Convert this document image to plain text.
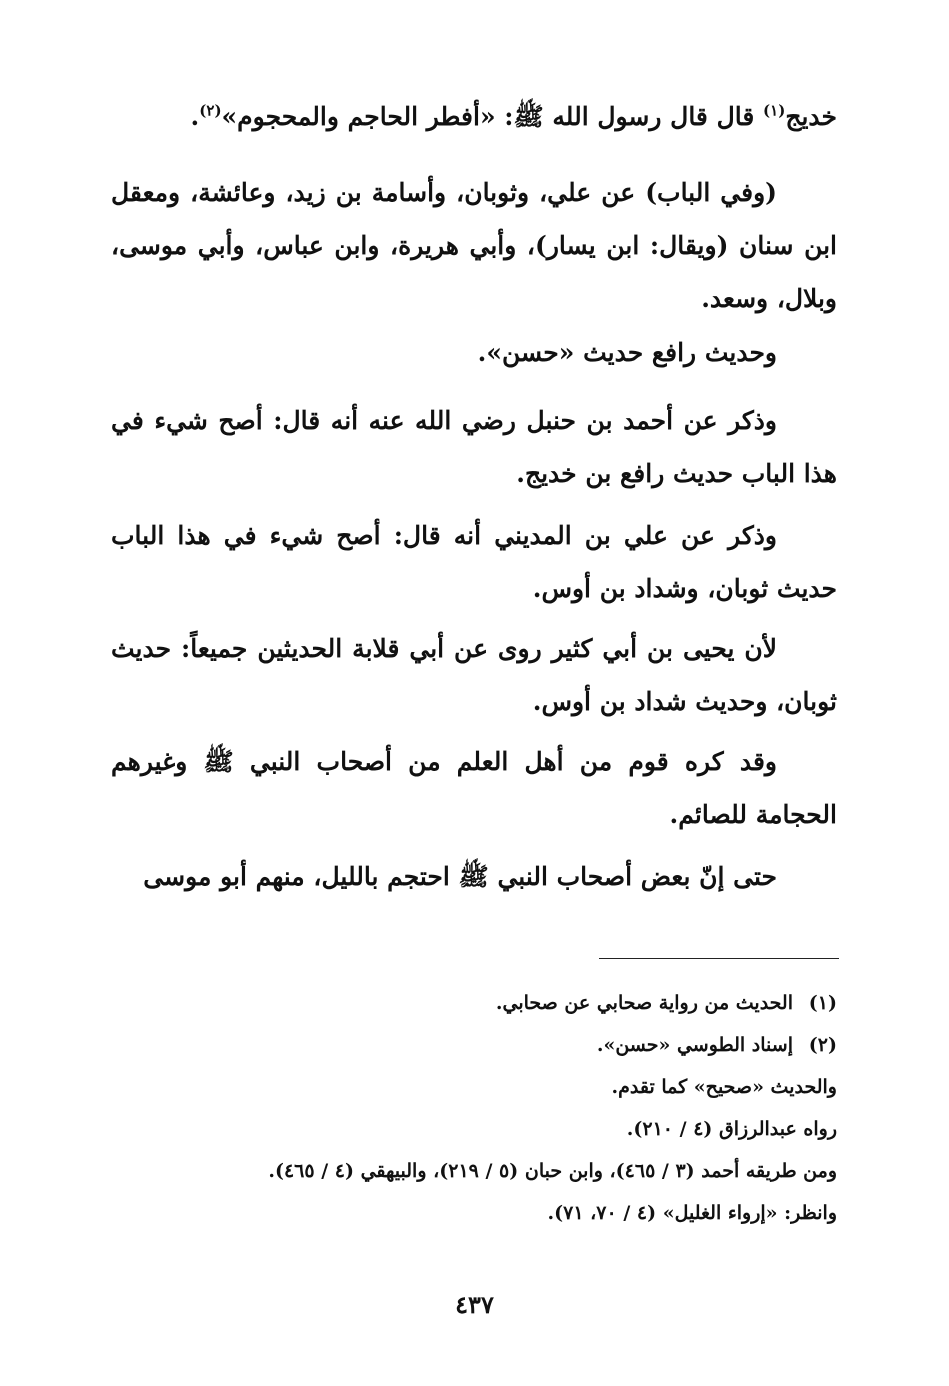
خديج$^{(١)}$ قال قال رسول الله ﷺ: «أفطر الحاجم والمحجوم»$^{(٢)}$.
(وفي الباب) عن علي، وثوبان، وأسامة بن زيد، وعائشة، ومعقل ابن سنان (ويقال: ابن يسار)، وأبي هريرة، وابن عباس، وأبي موسى، وبلال، وسعد.
وحديث رافع حديث «حسن».
وذكر عن أحمد بن حنبل رضي الله عنه أنه قال: أصح شيء في هذا الباب حديث رافع بن خديج.
وذكر عن علي بن المديني أنه قال: أصح شيء في هذا الباب حديث ثوبان، وشداد بن أوس.
لأن يحيى بن أبي كثير روى عن أبي قلابة الحديثين جميعاً: حديث ثوبان، وحديث شداد بن أوس.
وقد كره قوم من أهل العلم من أصحاب النبي ﷺ وغيرهم الحجامة للصائم.
حتى إنّ بعض أصحاب النبي ﷺ احتجم بالليل، منهم أبو موسى
(١)الحديث من رواية صحابي عن صحابي.
(٢)إسناد الطوسي «حسن».
والحديث «صحيح» كما تقدم.
رواه عبدالرزاق (٤ / ٢١٠).
ومن طريقه أحمد (٣ / ٤٦٥)، وابن حبان (٥ / ٢١٩)، والبيهقي (٤ / ٤٦٥).
وانظر: «إرواء الغليل» (٤ / ٧٠، ٧١).
٤٣٧
